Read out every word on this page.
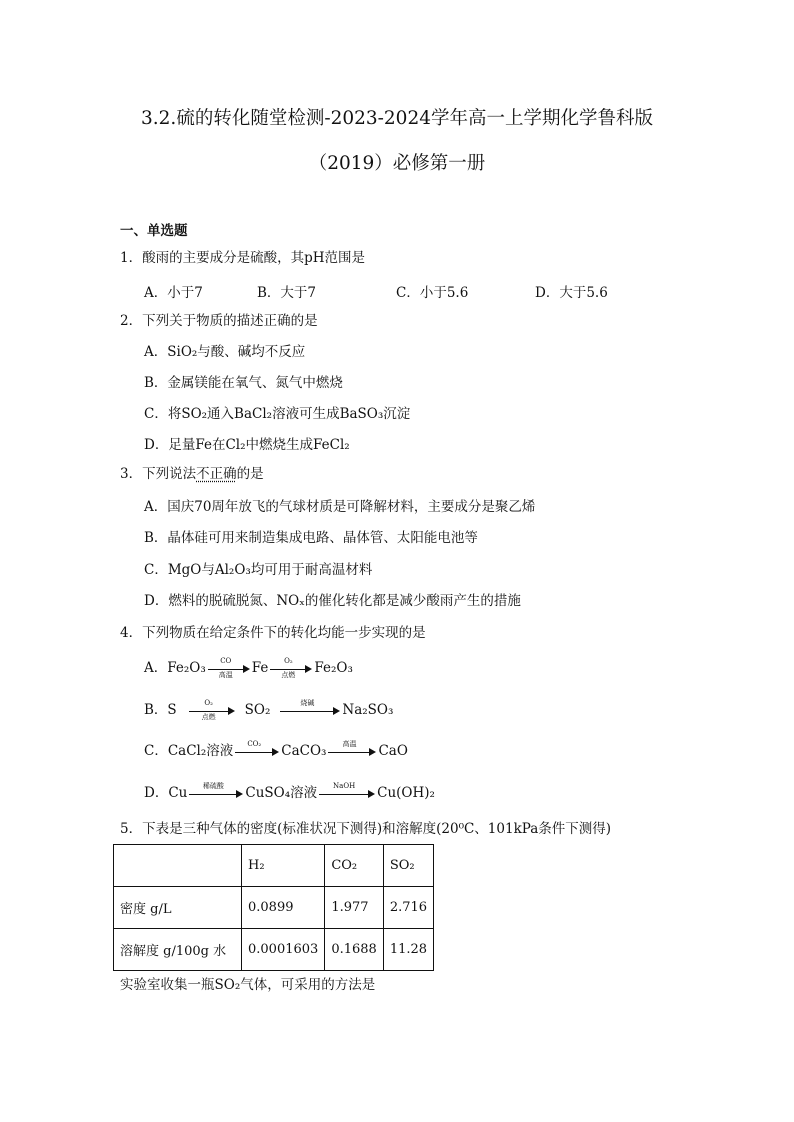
3.2.硫的转化随堂检测-2023-2024学年高一上学期化学鲁科版
（2019）必修第一册
一、单选题
1．酸雨的主要成分是硫酸，其pH范围是
A．小于7	B．大于7	C．小于5.6	D．大于5.6
2．下列关于物质的描述正确的是
A．SiO₂与酸、碱均不反应
B．金属镁能在氧气、氮气中燃烧
C．将SO₂通入BaCl₂溶液可生成BaSO₃沉淀
D．足量Fe在Cl₂中燃烧生成FeCl₂
3．下列说法不正确的是
A．国庆70周年放飞的气球材质是可降解材料，主要成分是聚乙烯
B．晶体硅可用来制造集成电路、晶体管、太阳能电池等
C．MgO与Al₂O₃均可用于耐高温材料
D．燃料的脱硫脱氮、NOₓ的催化转化都是减少酸雨产生的措施
4．下列物质在给定条件下的转化均能一步实现的是
A．Fe₂O₃	CO
高温	Fe	O₂
点燃	Fe₂O₃
B．S	O₂
点燃	SO₂	烧碱	Na₂SO₃
C．CaCl₂溶液	CO₂	CaCO₃	高温	CaO
D．Cu	稀硫酸	CuSO₄溶液	NaOH	Cu(OH)₂
5．下表是三种气体的密度(标准状况下测得)和溶解度(20⁰C、101kPa条件下测得)
	H₂	CO₂	SO₂
密度 g/L	0.0899	1.977	2.716
溶解度 g/100g 水	0.0001603	0.1688	11.28
实验室收集一瓶SO₂气体，可采用的方法是
